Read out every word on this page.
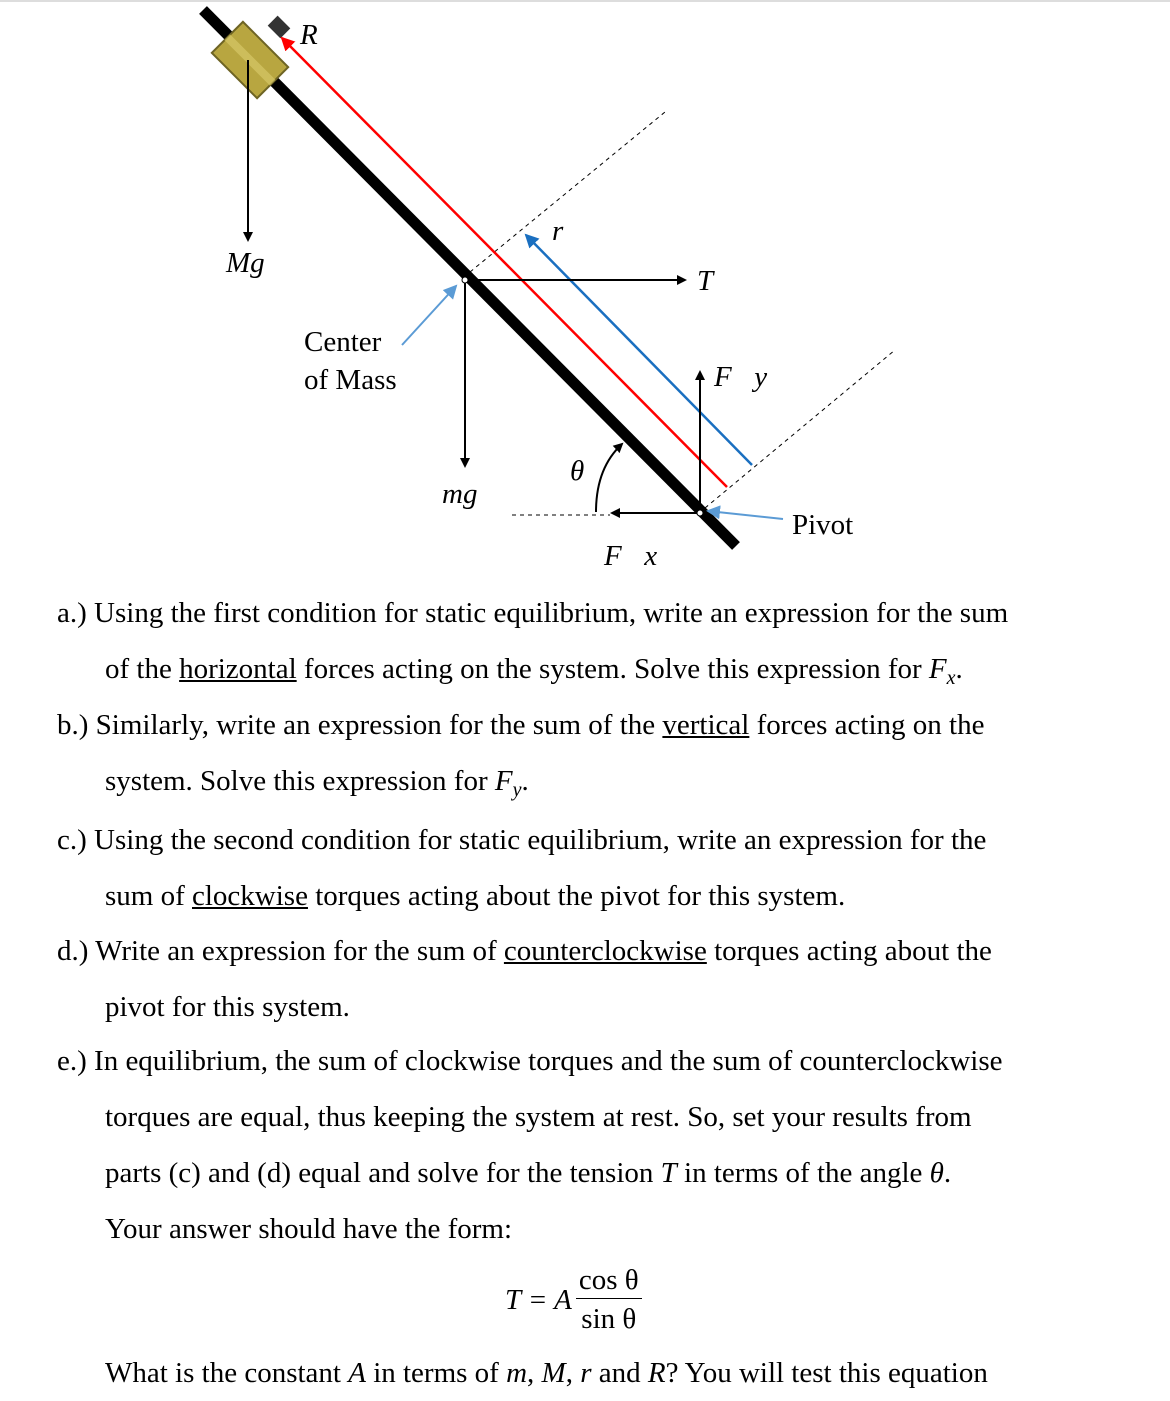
R
Mg⃗
r
T⃗
Center
of Mass	F⃗y
θ
mg⃗
Pivot
F⃗x
a.) Using the first condition for static equilibrium, write an expression for the sum
of the horizontal forces acting on the system. Solve this expression for $F_x$.
b.) Similarly, write an expression for the sum of the vertical forces acting on the
system. Solve this expression for $F_y$.
c.) Using the second condition for static equilibrium, write an expression for the
sum of clockwise torques acting about the pivot for this system.
d.) Write an expression for the sum of counterclockwise torques acting about the
pivot for this system.
e.) In equilibrium, the sum of clockwise torques and the sum of counterclockwise
torques are equal, thus keeping the system at rest. So, set your results from
parts (c) and (d) equal and solve for the tension T in terms of the angle θ.
Your answer should have the form:
T = A $\frac{\text{cos θ}}{\text{sin θ}}$
What is the constant A in terms of m, M, r and R? You will test this equation
